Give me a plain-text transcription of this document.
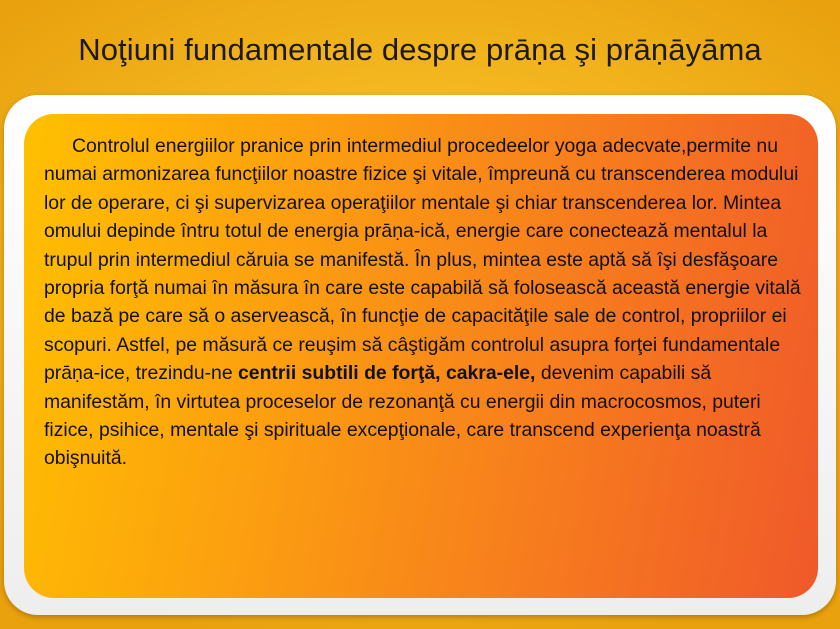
Noţiuni fundamentale despre prāṇa şi prāṇāyāma

Controlul energiilor pranice prin intermediul procedeelor yoga adecvate,permite nu numai armonizarea funcţiilor noastre fizice şi vitale, împreună cu transcenderea modului lor de operare, ci şi supervizarea operaţiilor mentale şi chiar transcenderea lor. Mintea omului depinde întru totul de energia prāṇa-ică, energie care conectează mentalul la trupul prin intermediul căruia se manifestă. În plus, mintea este aptă să îşi desfăşoare propria forţă numai în măsura în care este capabilă să folosească această energie vitală de bază pe care să o aservească, în funcţie de capacităţile sale de control, propriilor ei scopuri. Astfel, pe măsură ce reuşim să câştigăm controlul asupra forţei fundamentale prāṇa-ice, trezindu-ne centrii subtili de forţă, cakra-ele, devenim capabili să manifestăm, în virtutea proceselor de rezonanţă cu energii din macrocosmos, puteri fizice, psihice, mentale şi spirituale excepţionale, care transcend experienţa noastră obişnuită.
